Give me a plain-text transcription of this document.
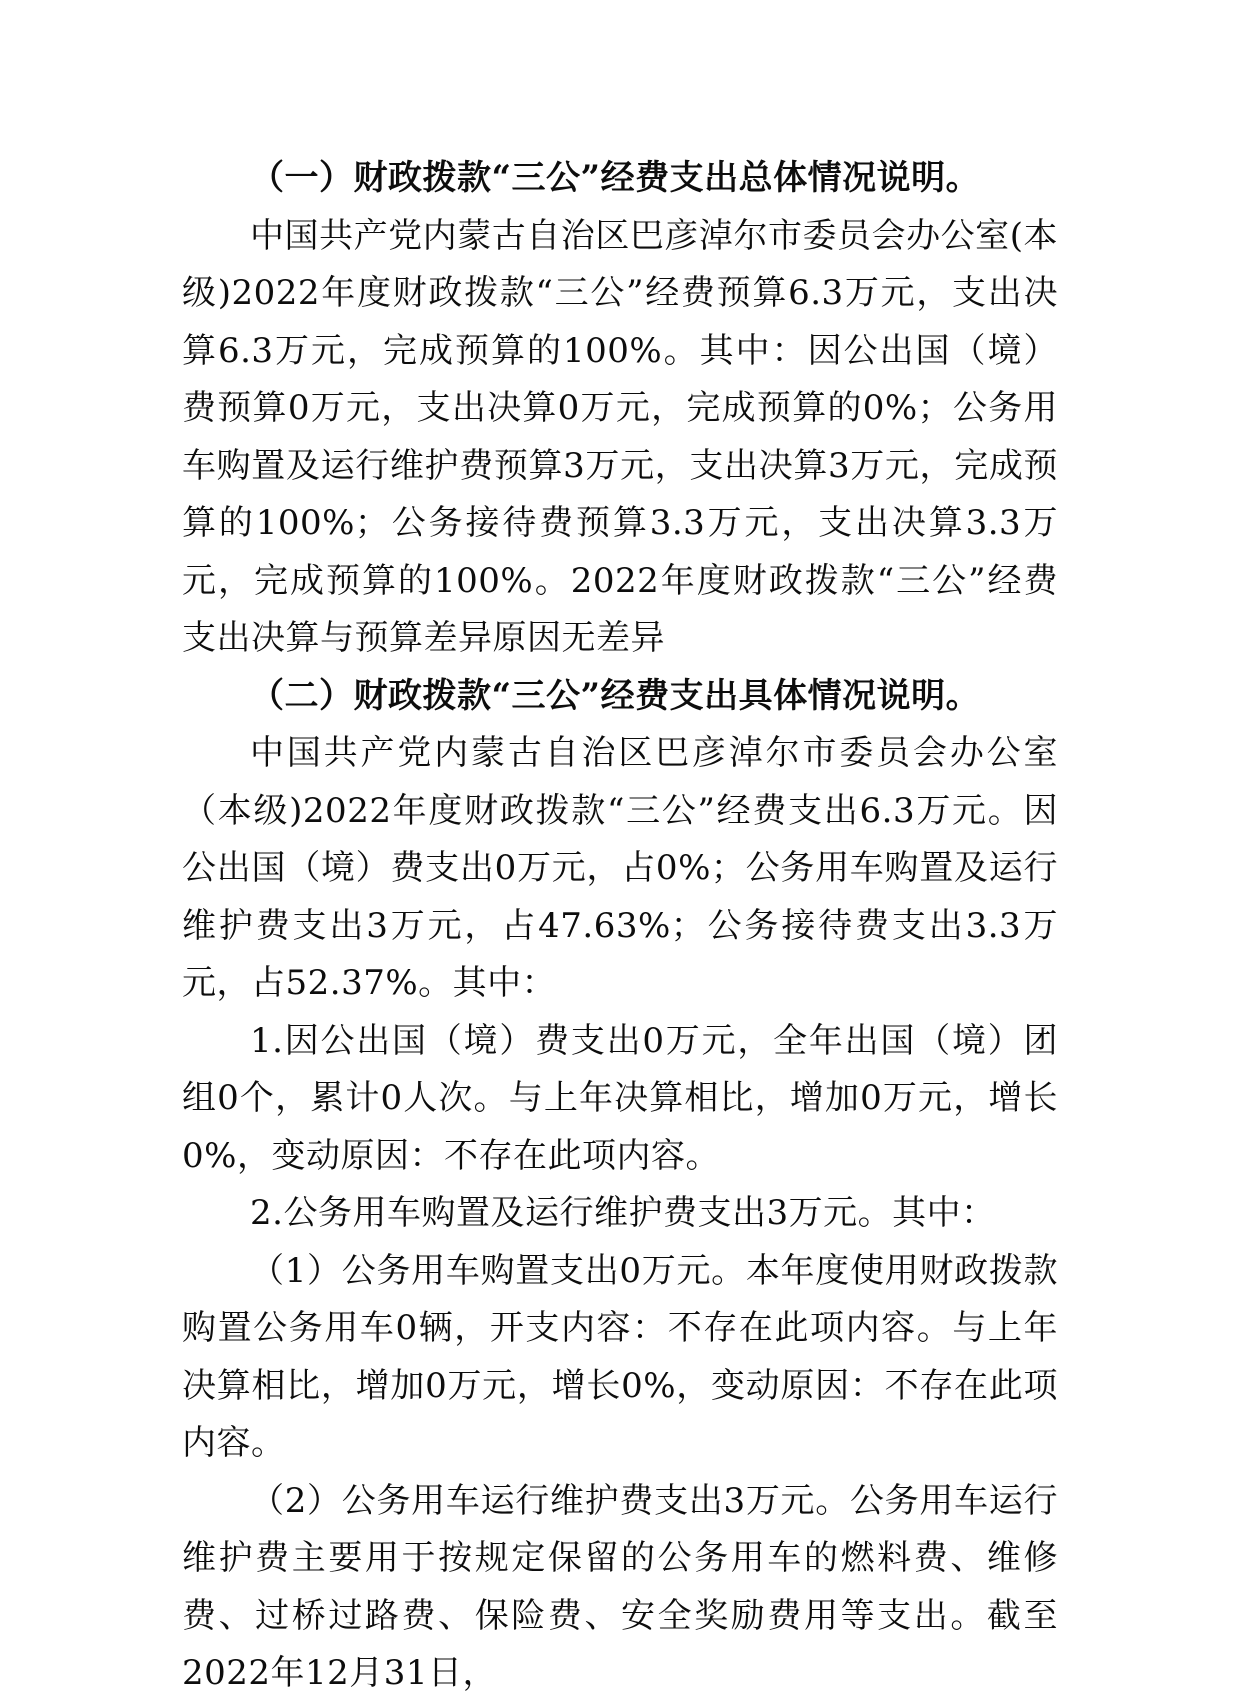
（一）财政拨款“三公”经费支出总体情况说明。

中国共产党内蒙古自治区巴彦淖尔市委员会办公室(本级)2022年度财政拨款“三公”经费预算6.3万元，支出决算6.3万元，完成预算的100%。其中：因公出国（境）费预算0万元，支出决算0万元，完成预算的0%；公务用车购置及运行维护费预算3万元，支出决算3万元，完成预算的100%；公务接待费预算3.3万元，支出决算3.3万元，完成预算的100%。2022年度财政拨款“三公”经费支出决算与预算差异原因无差异

（二）财政拨款“三公”经费支出具体情况说明。

中国共产党内蒙古自治区巴彦淖尔市委员会办公室（本级)2022年度财政拨款“三公”经费支出6.3万元。因公出国（境）费支出0万元，占0%；公务用车购置及运行维护费支出3万元，占47.63%；公务接待费支出3.3万元，占52.37%。其中：

1.因公出国（境）费支出0万元，全年出国（境）团组0个，累计0人次。与上年决算相比，增加0万元，增长0%，变动原因：不存在此项内容。

2.公务用车购置及运行维护费支出3万元。其中：

（1）公务用车购置支出0万元。本年度使用财政拨款购置公务用车0辆，开支内容：不存在此项内容。与上年决算相比，增加0万元，增长0%，变动原因：不存在此项内容。

（2）公务用车运行维护费支出3万元。公务用车运行维护费主要用于按规定保留的公务用车的燃料费、维修费、过桥过路费、保险费、安全奖励费用等支出。截至2022年12月31日，
